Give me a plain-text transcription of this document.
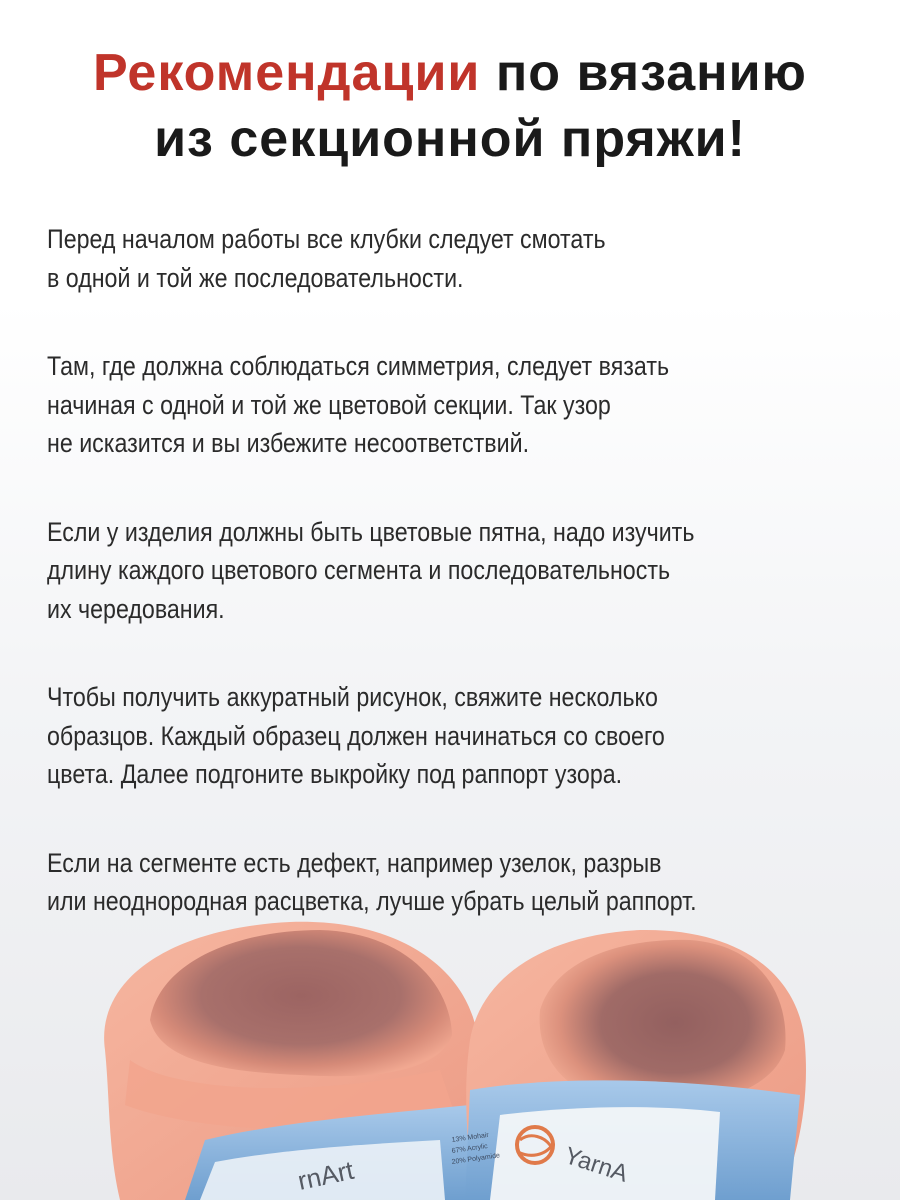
Рекомендации по вязанию
из секционной пряжи!

Перед началом работы все клубки следует смотать
в одной и той же последовательности.

Там, где должна соблюдаться симметрия, следует вязать
начиная с одной и той же цветовой секции. Так узор
не исказится и вы избежите несоответствий.

Если у изделия должны быть цветовые пятна, надо изучить
длину каждого цветового сегмента и последовательность
их чередования.

Чтобы получить аккуратный рисунок, свяжите несколько
образцов. Каждый образец должен начинаться со своего
цвета. Далее подгоните выкройку под раппорт узора.

Если на сегменте есть дефект, например узелок, разрыв
или неоднородная расцветка, лучше убрать целый раппорт.

rnArt
13% Mohair
67% Acrylic
20% Polyamide	YarnA
